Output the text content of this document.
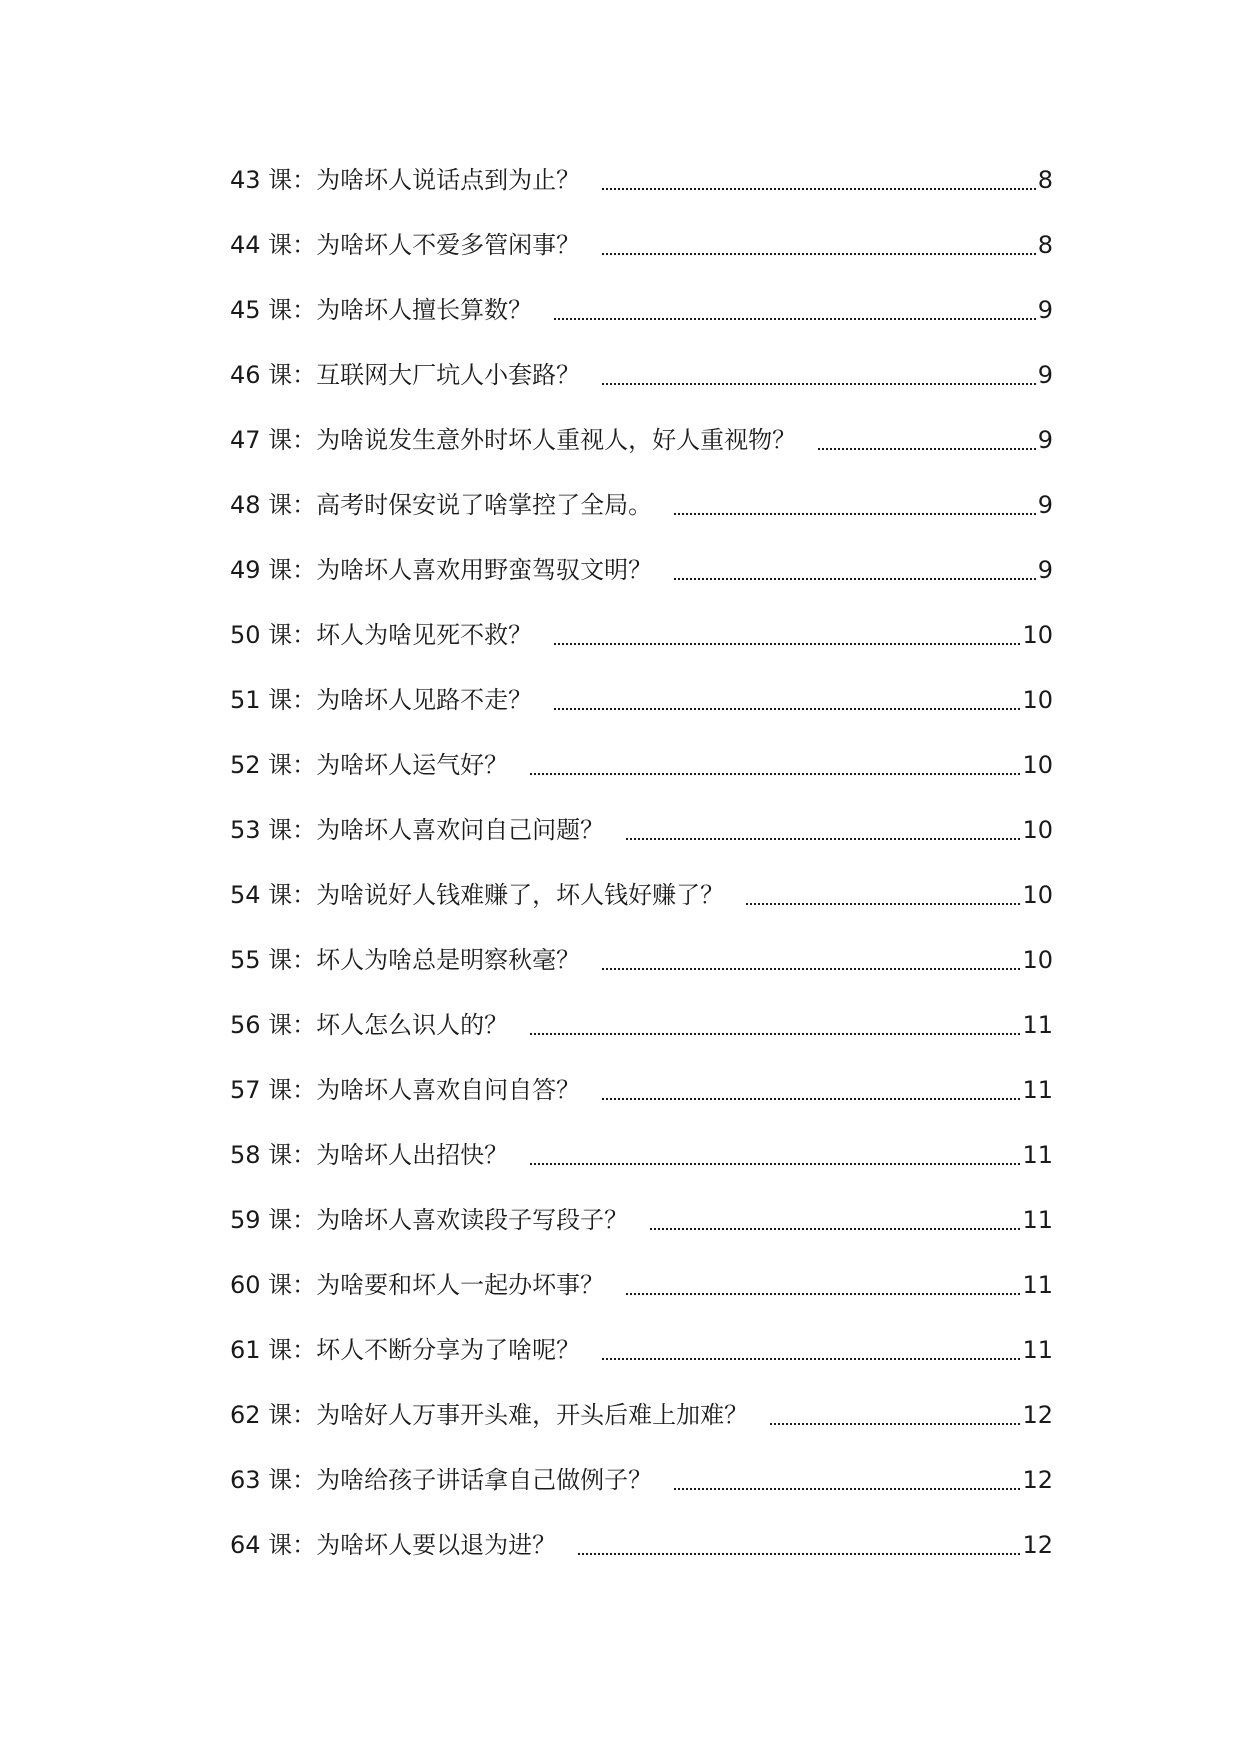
43 课：为啥坏人说话点到为止？	8
44 课：为啥坏人不爱多管闲事？	8
45 课：为啥坏人擅长算数？	9
46 课：互联网大厂坑人小套路？	9
47 课：为啥说发生意外时坏人重视人，好人重视物？	9
48 课：高考时保安说了啥掌控了全局。	9
49 课：为啥坏人喜欢用野蛮驾驭文明？	9
50 课：坏人为啥见死不救？	10
51 课：为啥坏人见路不走？	10
52 课：为啥坏人运气好？	10
53 课：为啥坏人喜欢问自己问题？	10
54 课：为啥说好人钱难赚了，坏人钱好赚了？	10
55 课：坏人为啥总是明察秋毫？	10
56 课：坏人怎么识人的？	11
57 课：为啥坏人喜欢自问自答？	11
58 课：为啥坏人出招快？	11
59 课：为啥坏人喜欢读段子写段子？	11
60 课：为啥要和坏人一起办坏事？	11
61 课：坏人不断分享为了啥呢？	11
62 课：为啥好人万事开头难，开头后难上加难？	12
63 课：为啥给孩子讲话拿自己做例子？	12
64 课：为啥坏人要以退为进？	12
